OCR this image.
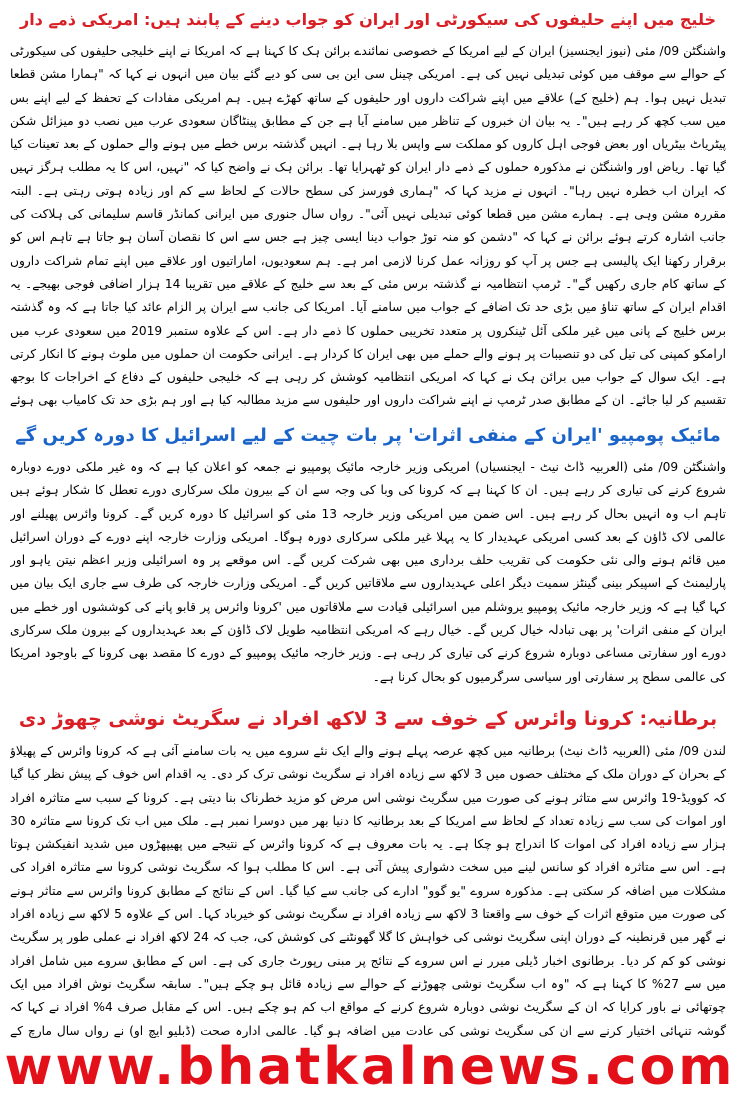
خلیج میں اپنے حلیفوں کی سیکورٹی اور ایران کو جواب دینے کے پابند ہیں: امریکی ذمے دار

واشنگٹن 09/ مئی (نیوز ایجنسیز) ایران کے لیے امریکا کے خصوصی نمائندے برائن ہک کا کہنا ہے کہ امریکا نے اپنے خلیجی حلیفوں کی سیکورٹی کے حوالے سے موقف میں کوئی تبدیلی نہیں کی ہے۔ امریکی چینل سی این بی سی کو دیے گئے بیان میں انہوں نے کہا کہ "ہمارا مشن قطعا تبدیل نہیں ہوا۔ ہم (خلیج کے) علاقے میں اپنے شراکت داروں اور حلیفوں کے ساتھ کھڑے ہیں۔ ہم امریکی مفادات کے تحفظ کے لیے اپنے بس میں سب کچھ کر رہے ہیں"۔ یہ بیان ان خبروں کے تناظر میں سامنے آیا ہے جن کے مطابق پینٹاگان سعودی عرب میں نصب دو میزائل شکن پیٹریاٹ بیٹریاں اور بعض فوجی اہل کاروں کو مملکت سے واپس بلا رہا ہے۔ انہیں گذشتہ برس خطے میں ہونے والے حملوں کے بعد تعینات کیا گیا تھا۔ ریاض اور واشنگٹن نے مذکورہ حملوں کے ذمے دار ایران کو ٹھہرایا تھا۔ برائن ہک نے واضح کیا کہ "نہیں، اس کا یہ مطلب ہرگز نہیں کہ ایران اب خطرہ نہیں رہا"۔ انہوں نے مزید کہا کہ "ہماری فورسز کی سطح حالات کے لحاظ سے کم اور زیادہ ہوتی رہتی ہے۔ البتہ مقررہ مشن وہی ہے۔ ہمارے مشن میں قطعا کوئی تبدیلی نہیں آئی"۔ رواں سال جنوری میں ایرانی کمانڈر قاسم سلیمانی کی ہلاکت کی جانب اشارہ کرتے ہوئے برائن نے کہا کہ "دشمن کو منہ توڑ جواب دینا ایسی چیز ہے جس سے اس کا نقصان آسان ہو جاتا ہے تاہم اس کو برقرار رکھنا ایک پالیسی ہے جس پر آپ کو روزانہ عمل کرنا لازمی امر ہے۔ ہم سعودیوں، اماراتیوں اور علاقے میں اپنے تمام شراکت داروں کے ساتھ کام جاری رکھیں گے"۔ ٹرمپ انتظامیہ نے گذشتہ برس مئی کے بعد سے خلیج کے علاقے میں تقریبا 14 ہزار اضافی فوجی بھیجے۔ یہ اقدام ایران کے ساتھ تناؤ میں بڑی حد تک اضافے کے جواب میں سامنے آیا۔ امریکا کی جانب سے ایران پر الزام عائد کیا جاتا ہے کہ وہ گذشتہ برس خلیج کے پانی میں غیر ملکی آئل ٹینکروں پر متعدد تخریبی حملوں کا ذمے دار ہے۔ اس کے علاوہ ستمبر 2019 میں سعودی عرب میں ارامکو کمپنی کی تیل کی دو تنصیبات پر ہونے والے حملے میں بھی ایران کا کردار ہے۔ ایرانی حکومت ان حملوں میں ملوث ہونے کا انکار کرتی ہے۔ ایک سوال کے جواب میں برائن ہک نے کہا کہ امریکی انتظامیہ کوشش کر رہی ہے کہ خلیجی حلیفوں کے دفاع کے اخراجات کا بوجھ تقسیم کر لیا جائے۔ ان کے مطابق صدر ٹرمپ نے اپنے شراکت داروں اور حلیفوں سے مزید مطالبہ کیا ہے اور ہم بڑی حد تک کامیاب بھی ہوئے

مائیک پومپیو 'ایران کے منفی اثرات' پر بات چیت کے لیے اسرائیل کا دورہ کریں گے

واشنگٹن 09/ مئی (العربیہ ڈاٹ نیٹ - ایجنسیاں) امریکی وزیر خارجہ مائیک پومپیو نے جمعہ کو اعلان کیا ہے کہ وہ غیر ملکی دورے دوبارہ شروع کرنے کی تیاری کر رہے ہیں۔ ان کا کہنا ہے کہ کرونا کی وبا کی وجہ سے ان کے بیرون ملک سرکاری دورے تعطل کا شکار ہوئے ہیں تاہم اب وہ انہیں بحال کر رہے ہیں۔ اس ضمن میں امریکی وزیر خارجہ 13 مئی کو اسرائیل کا دورہ کریں گے۔ کرونا وائرس پھیلنے اور عالمی لاک ڈاؤن کے بعد کسی امریکی عہدیدار کا یہ پہلا غیر ملکی سرکاری دورہ ہوگا۔ امریکی وزارت خارجہ اپنے دورے کے دوران اسرائیل میں قائم ہونے والی نئی حکومت کی تقریب حلف برداری میں بھی شرکت کریں گے۔ اس موقعے پر وہ اسرائیلی وزیر اعظم نیتن یاہو اور پارلیمنٹ کے اسپیکر بینی گینٹز سمیت دیگر اعلی عہدیداروں سے ملاقاتیں کریں گے۔ امریکی وزارت خارجہ کی طرف سے جاری ایک بیان میں کہا گیا ہے کہ وزیر خارجہ مائیک پومپیو یروشلم میں اسرائیلی قیادت سے ملاقاتوں میں 'کرونا وائرس پر قابو پانے کی کوششوں اور خطے میں ایران کے منفی اثرات' پر بھی تبادلہ خیال کریں گے۔ خیال رہے کہ امریکی انتظامیہ طویل لاک ڈاؤن کے بعد عہدیداروں کے بیرون ملک سرکاری دورے اور سفارتی مساعی دوبارہ شروع کرنے کی تیاری کر رہی ہے۔ وزیر خارجہ مائیک پومپیو کے دورے کا مقصد بھی کرونا کے باوجود امریکا کی عالمی سطح پر سفارتی اور سیاسی سرگرمیوں کو بحال کرنا ہے۔

برطانیہ: کرونا وائرس کے خوف سے 3 لاکھ افراد نے سگریٹ نوشی چھوڑ دی

لندن 09/ مئی (العربیہ ڈاٹ نیٹ) برطانیہ میں کچھ عرصہ پہلے ہونے والے ایک نئے سروے میں یہ بات سامنے آئی ہے کہ کرونا وائرس کے پھیلاؤ کے بحران کے دوران ملک کے مختلف حصوں میں 3 لاکھ سے زیادہ افراد نے سگریٹ نوشی ترک کر دی۔ یہ اقدام اس خوف کے پیش نظر کیا گیا کہ کوویڈ-19 وائرس سے متاثر ہونے کی صورت میں سگریٹ نوشی اس مرض کو مزید خطرناک بنا دیتی ہے۔ کرونا کے سبب سے متاثرہ افراد اور اموات کی سب سے زیادہ تعداد کے لحاظ سے امریکا کے بعد برطانیہ کا دنیا بھر میں دوسرا نمبر ہے۔ ملک میں اب تک کرونا سے متاثرہ 30 ہزار سے زیادہ افراد کی اموات کا اندراج ہو چکا ہے۔ یہ بات معروف ہے کہ کرونا وائرس کے نتیجے میں پھیپھڑوں میں شدید انفیکشن ہوتا ہے۔ اس سے متاثرہ افراد کو سانس لینے میں سخت دشواری پیش آتی ہے۔ اس کا مطلب ہوا کہ سگریٹ نوشی کرونا سے متاثرہ افراد کی مشکلات میں اضافہ کر سکتی ہے۔ مذکورہ سروے "یو گوو" ادارے کی جانب سے کیا گیا۔ اس کے نتائج کے مطابق کرونا وائرس سے متاثر ہونے کی صورت میں متوقع اثرات کے خوف سے واقعتا 3 لاکھ سے زیادہ افراد نے سگریٹ نوشی کو خیرباد کہا۔ اس کے علاوہ 5 لاکھ سے زیادہ افراد نے گھر میں قرنطینہ کے دوران اپنی سگریٹ نوشی کی خواہش کا گلا گھونٹنے کی کوشش کی، جب کہ 24 لاکھ افراد نے عملی طور پر سگریٹ نوشی کو کم کر دیا۔ برطانوی اخبار ڈیلی میرر نے اس سروے کے نتائج پر مبنی رپورٹ جاری کی ہے۔ اس کے مطابق سروے میں شامل افراد میں سے 27% کا کہنا ہے کہ "وہ اب سگریٹ نوشی چھوڑنے کے حوالے سے زیادہ قائل ہو چکے ہیں"۔ سابقہ سگریٹ نوش افراد میں ایک چوتھائی نے باور کرایا کہ ان کے سگریٹ نوشی دوبارہ شروع کرنے کے مواقع اب کم ہو چکے ہیں۔ اس کے مقابل صرف 4% افراد نے کہا کہ گوشہ تنہائی اختیار کرنے سے ان کی سگریٹ نوشی کی عادت میں اضافہ ہو گیا۔ عالمی ادارہ صحت (ڈبلیو ایچ او) نے رواں سال مارچ کے

www.bhatkalnews.com
